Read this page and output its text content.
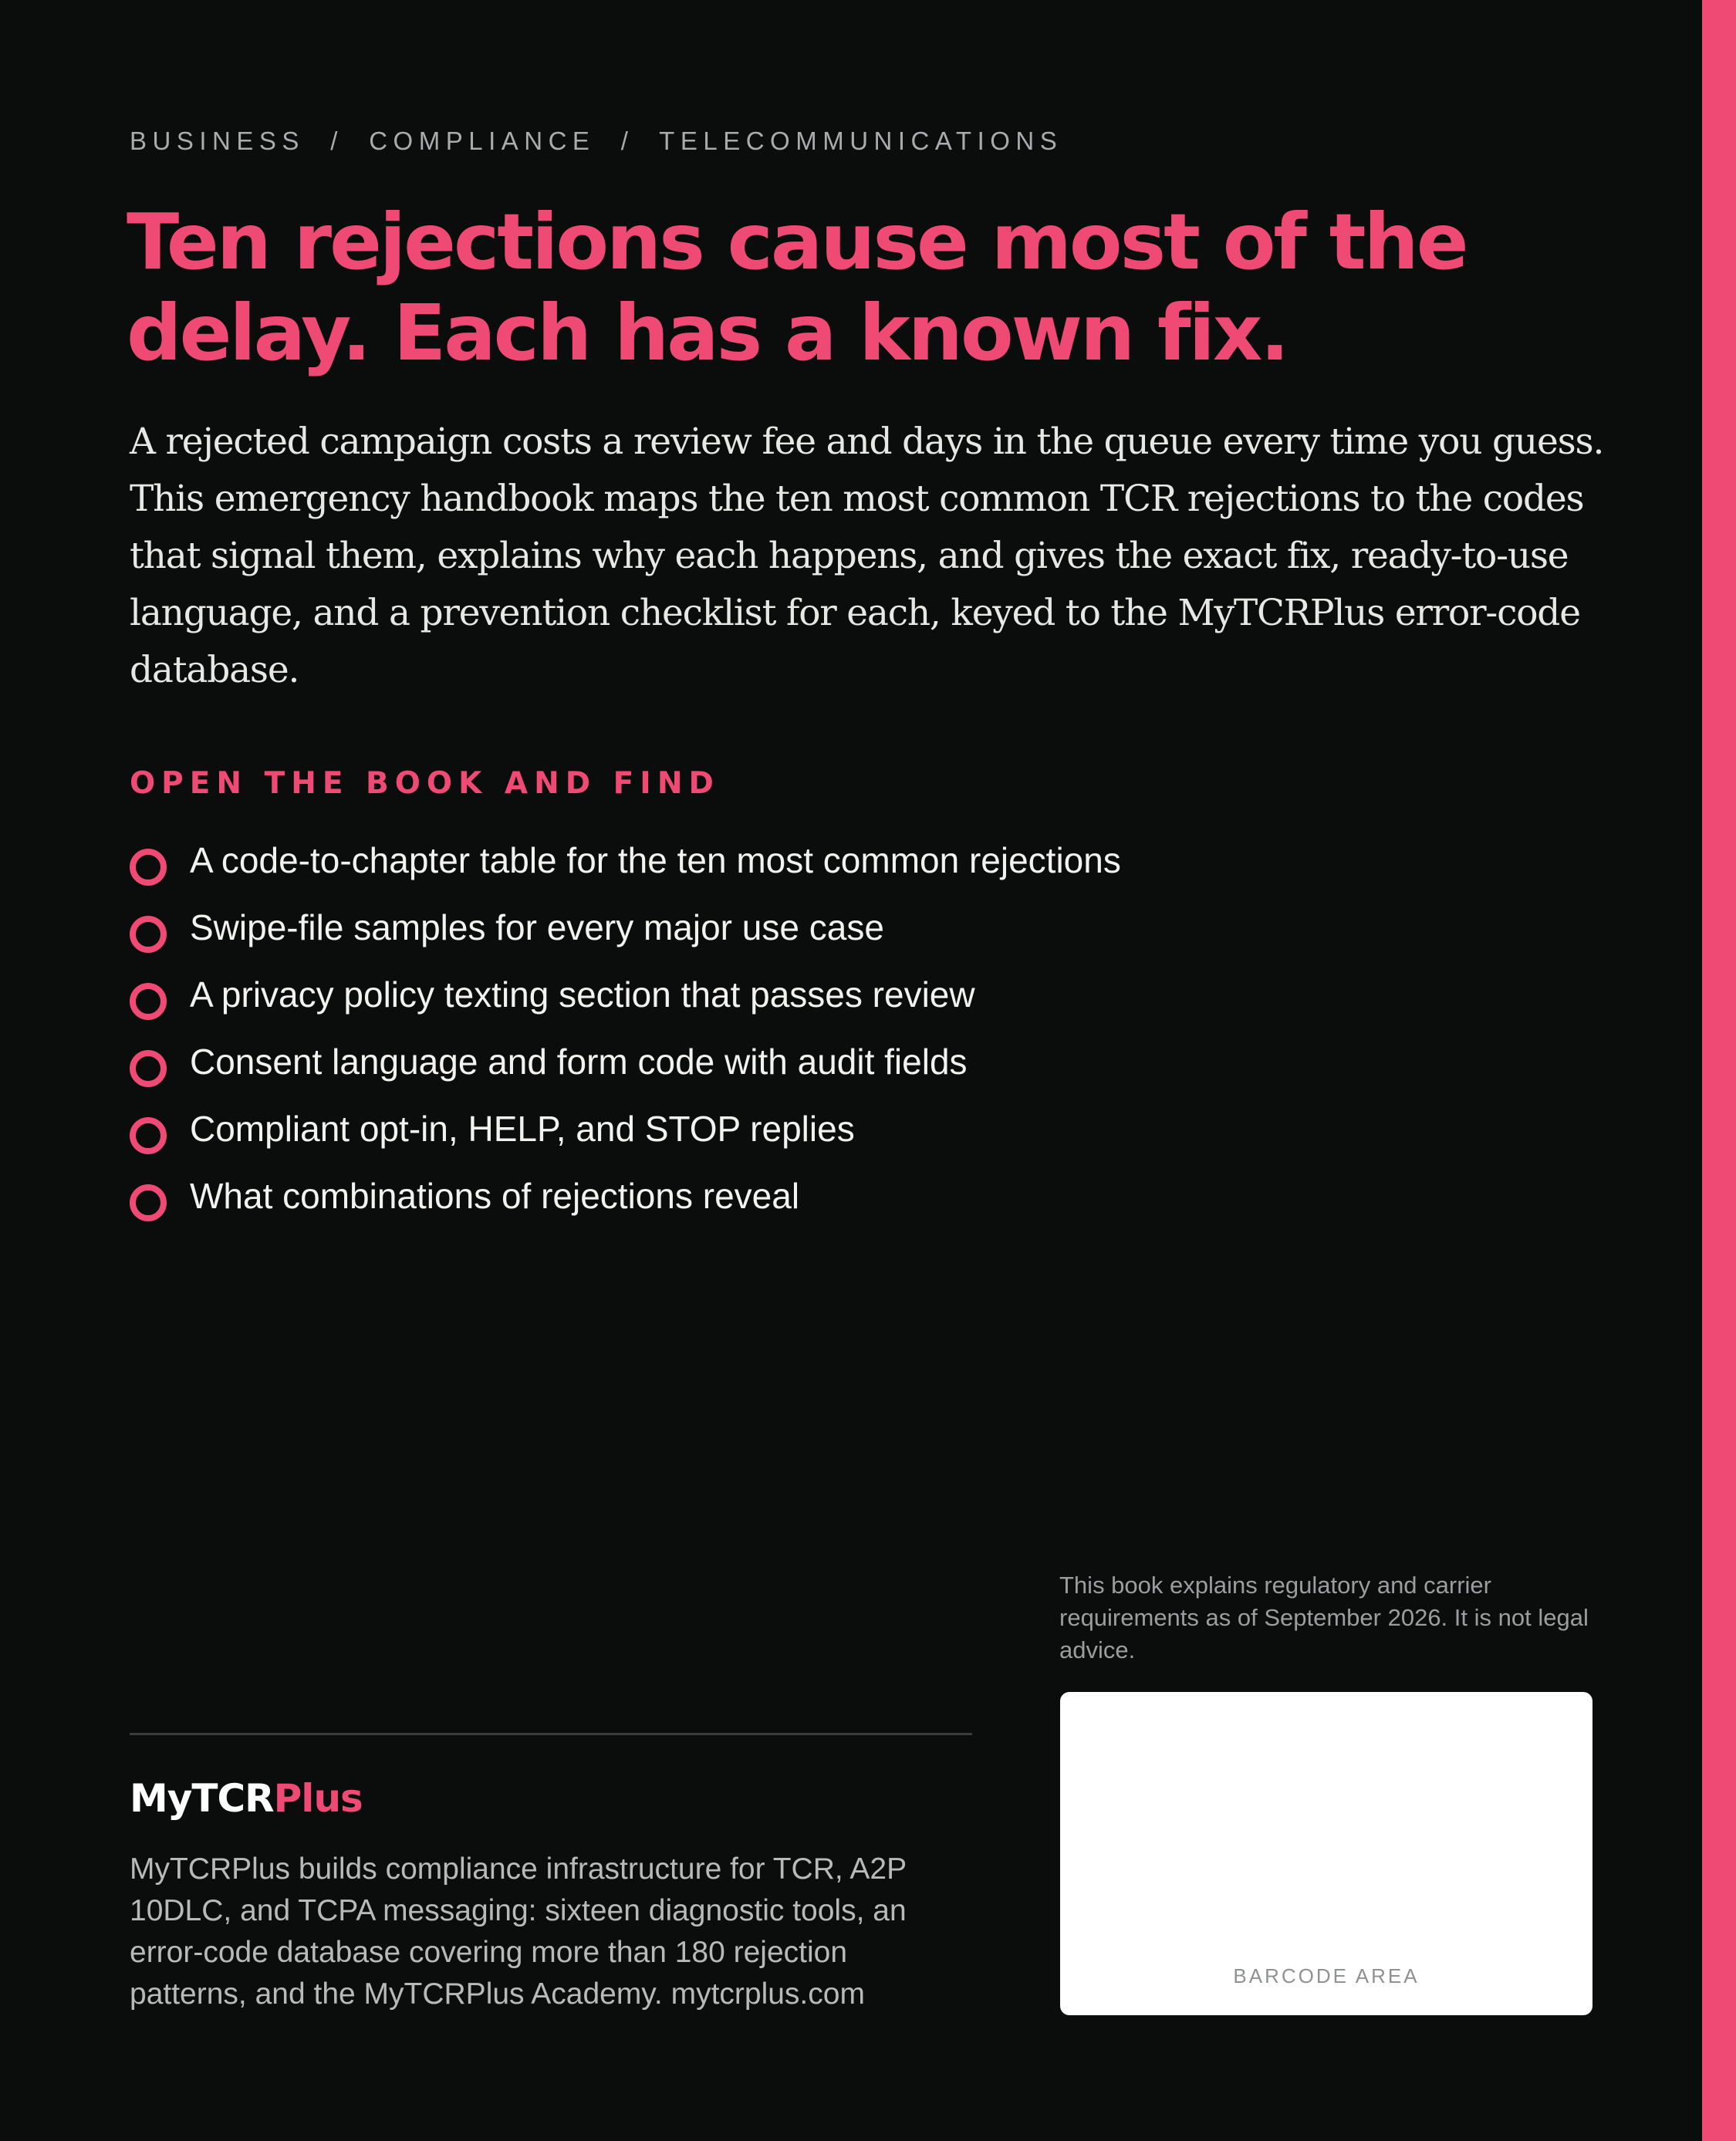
BUSINESS  /  COMPLIANCE  /  TELECOMMUNICATIONS
Ten rejections cause most of the delay. Each has a known fix.

A rejected campaign costs a review fee and days in the queue every time you guess. This emergency handbook maps the ten most common TCR rejections to the codes that signal them, explains why each happens, and gives the exact fix, ready-to-use language, and a prevention checklist for each, keyed to the MyTCRPlus error-code database.

OPEN THE BOOK AND FIND
A code-to-chapter table for the ten most common rejections
Swipe-file samples for every major use case
A privacy policy texting section that passes review
Consent language and form code with audit fields
Compliant opt-in, HELP, and STOP replies
What combinations of rejections reveal

This book explains regulatory and carrier requirements as of September 2026. It is not legal advice.

MyTCRPlus

MyTCRPlus builds compliance infrastructure for TCR, A2P 10DLC, and TCPA messaging: sixteen diagnostic tools, an error-code database covering more than 180 rejection patterns, and the MyTCRPlus Academy. mytcrplus.com

BARCODE AREA
